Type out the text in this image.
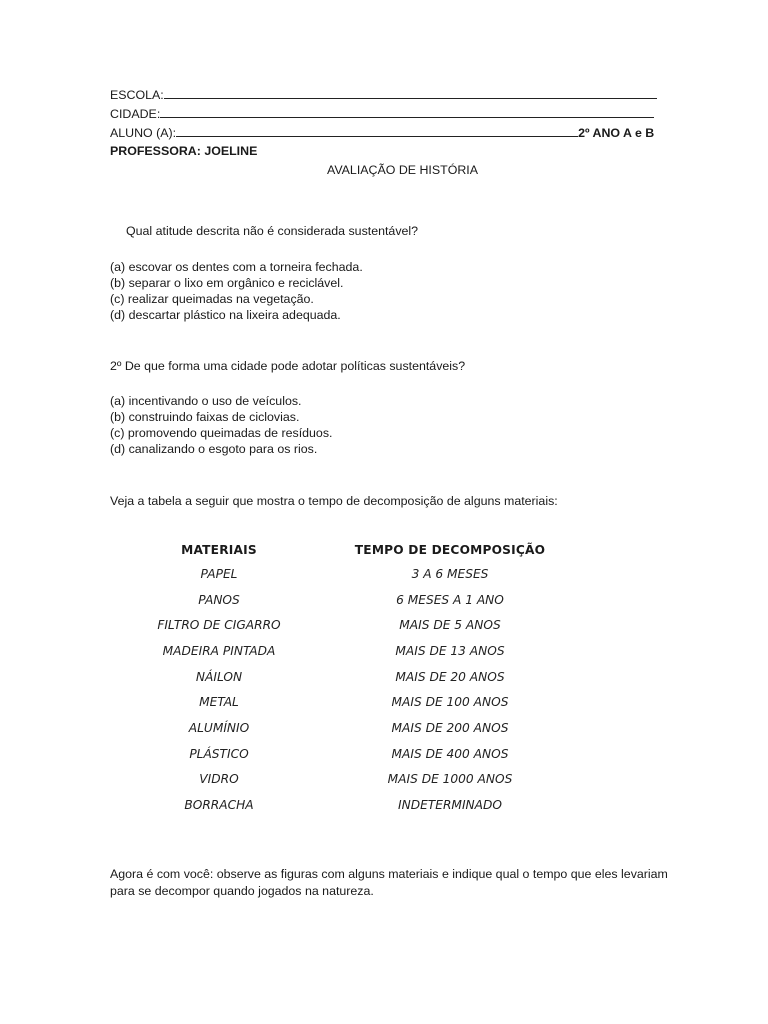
ESCOLA:
CIDADE:
ALUNO (A):	2º ANO A e B
PROFESSORA: JOELINE
AVALIAÇÃO DE HISTÓRIA
Qual atitude descrita não é considerada sustentável?
(a) escovar os dentes com a torneira fechada.
(b) separar o lixo em orgânico e reciclável.
(c) realizar queimadas na vegetação.
(d) descartar plástico na lixeira adequada.
2º De que forma uma cidade pode adotar políticas sustentáveis?
(a) incentivando o uso de veículos.
(b) construindo faixas de ciclovias.
(c) promovendo queimadas de resíduos.
(d) canalizando o esgoto para os rios.
Veja a tabela a seguir que mostra o tempo de decomposição de alguns materiais:
MATERIAIS	TEMPO DE DECOMPOSIÇÃO
PAPEL	3 A 6 MESES
PANOS	6 MESES A 1 ANO
FILTRO DE CIGARRO	MAIS DE 5 ANOS
MADEIRA PINTADA	MAIS DE 13 ANOS
NÁILON	MAIS DE 20 ANOS
METAL	MAIS DE 100 ANOS
ALUMÍNIO	MAIS DE 200 ANOS
PLÁSTICO	MAIS DE 400 ANOS
VIDRO	MAIS DE 1000 ANOS
BORRACHA	INDETERMINADO
Agora é com você: observe as figuras com alguns materiais e indique qual o tempo que eles levariam
para se decompor quando jogados na natureza.
